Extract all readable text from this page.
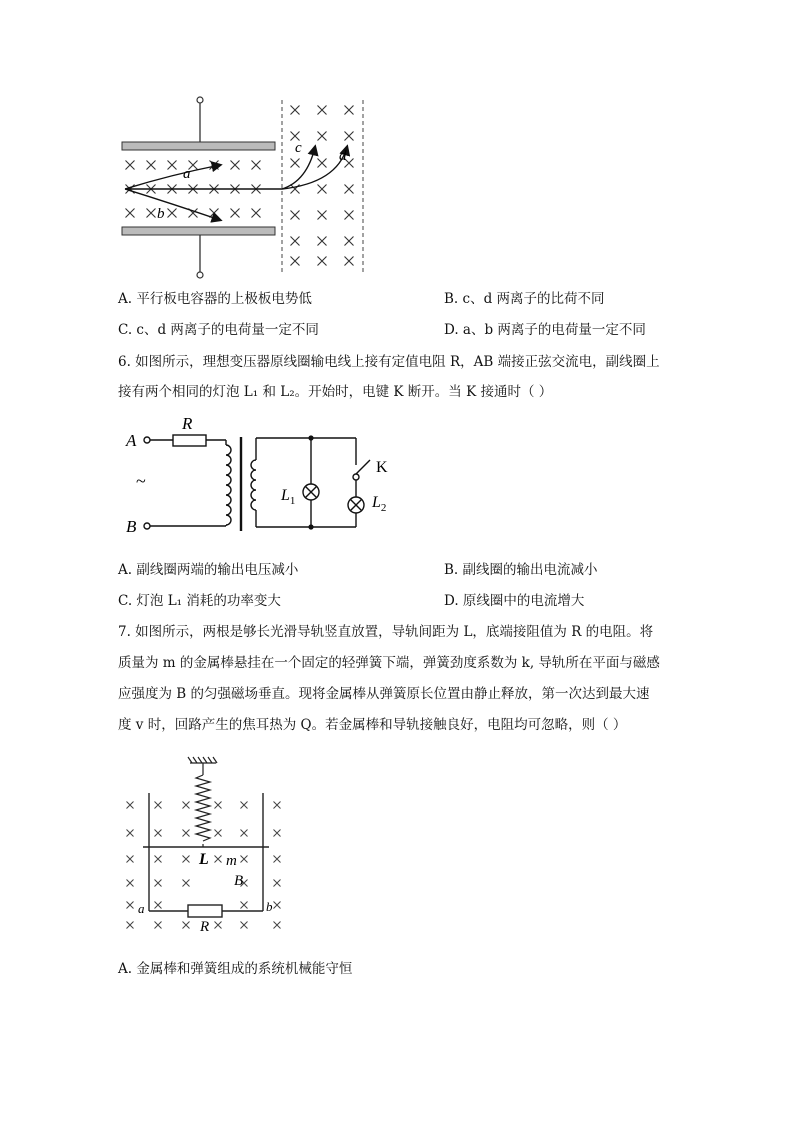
a
b
c d
A. 平行板电容器的上极板电势低	B. c、d 两离子的比荷不同
C. c、d 两离子的电荷量一定不同	D. a、b 两离子的电荷量一定不同
6. 如图所示，理想变压器原线圈输电线上接有定值电阻 R，AB 端接正弦交流电，副线圈上
接有两个相同的灯泡 L₁ 和 L₂。开始时，电键 K 断开。当 K 接通时（ ）
A
B
R
~
K
$L_1$	$L_2$
A. 副线圈两端的输出电压减小	B. 副线圈的输出电流减小
C. 灯泡 L₁ 消耗的功率变大	D. 原线圈中的电流增大
7. 如图所示，两根是够长光滑导轨竖直放置，导轨间距为 L，底端接阻值为 R 的电阻。将
质量为 m 的金属棒悬挂在一个固定的轻弹簧下端，弹簧劲度系数为 k, 导轨所在平面与磁感
应强度为 B 的匀强磁场垂直。现将金属棒从弹簧原长位置由静止释放，第一次达到最大速
度 v 时，回路产生的焦耳热为 Q。若金属棒和导轨接触良好，电阻均可忽略，则（ ）
L m
B
a	b
R
A. 金属棒和弹簧组成的系统机械能守恒
